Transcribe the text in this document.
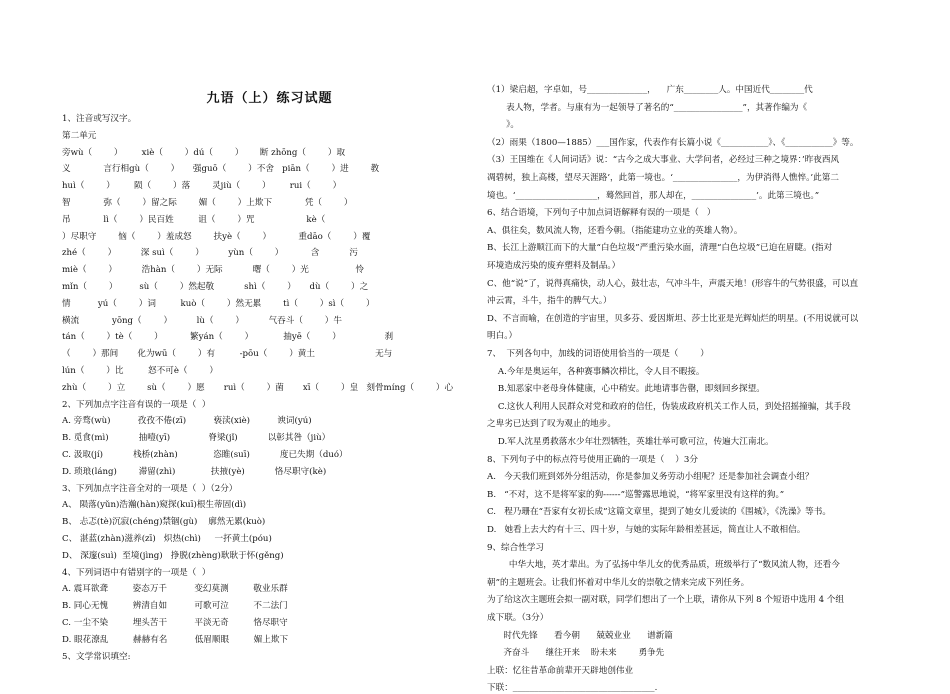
九语（上）练习试题
1、注音或写汉字。
第二单元
旁wù（        ）       xiè（        ）dú（        ）      断 zhōng（        ）取
义            言行相gù（        ）     强guō（        ）不舍   piān（        ）进        教
huì（        ）       陨（        ）落        灵jiù（        ）       rui（        ）
智            弥（        ）留之际        媚（        ）上欺下            凭（        ）
吊            lì（        ）民百姓         诅（        ）咒                   kè（
）尽职守        恼（        ）羞成怒        扶yè（        ）          重dāo（        ）覆
zhé（        ）         深 suì（        ）         yùn（        ）          含           污
miè（        ）         浩hàn（        ）无际           曙（        ）光                 怜
mǐn（        ）        sù（        ）然起敬           shì（        ）     dù（        ）之
情          yú（        ）词         kuò（        ）然无累        tì（        ）sì（        ）
横流            yōng（        ）         lù（        ）         气吞斗（        ）牛
tán（        ）tè（        ）          繁yán（        ）           抽yē（        ）                刹
（        ）那间       化为wū（        ）有         -pōu（        ）黄土                      无与
lún（        ）比         怒不可è（        ）
zhù（        ）立        sù（        ）愿       ruì（        ）菌       xī（        ）皇   刻骨míng（        ）心
2、下列加点字注音有误的一项是（  ）
A. 旁骛(wù)          孜孜不倦(zī)          亵渎(xiè)          谀词(yú)
B. 觅食(mì)           抽噎(yī)              脊梁(jǐ)           以彰其咎（jiù）
C. 汲取(jí)           栈桥(zhàn)             恣睢(suī)           度已失期（duó）
D. 琐琅(láng)        滞留(zhì)             扶掖(yè)           恪尽职守(kè)
3、下列加点字注音全对的一项是（  ）（2分）
A、 陨落(yǔn)浩瀚(hàn)窥探(kuī)根生蒂固(dì)
B、 忐忑(tè)沉寂(chéng)禁锢(gù)    廓然无累(kuò)
C、 湛蓝(zhàn)滋养(zī)   炽热(chì)     一抔黄土(póu)
D、 深邃(suì)  至境(jìng)   挣脱(zhèng)耿耿于怀(gěng)
4、下列词语中有错别字的一项是（  ）
A. 震耳欲聋         姿态万千          变幻莫测         敬业乐群
B. 同心无愧         辨清自如          可歌可泣         不二法门
C. 一尘不染         埋头苦干          平淡无奇         恪尽职守
D. 眼花潦乱         赫赫有名          低眉顺眼         媚上欺下
5、文学常识填空:
（1）梁启超，字卓如，号______________，    广东________人。中国近代________代
表人物，学者。与康有为一起领导了著名的“________________”，其著作编为《
》。
（2）雨果（1800—1885）___国作家，代表作有长篇小说《___________》、《___________》等。
（3）王国维在《人间词话》说：“古今之成大事业、大学问者，必经过三种之境界：’昨夜西风
凋碧树，独上高楼，望尽天涯路’，此第一境也。‘_______________，为伊消得人憔悴。’此第二
境也。‘___________________，蓦然回首，那人却在，_______________’。此第三境也。”
6、结合语境，下列句子中加点词语解释有误的一项是（   ）
A、俱往矣，数风流人物，还看今朝。（指能建功立业的英雄人物）。
B、长江上游顺江而下的大量“白色垃圾”严重污染水面，清理“白色垃圾”已迫在眉睫。(指对
环境造成污染的废弃塑料及制品。）
C、他“说”了，说得真痛快，动人心，鼓壮志，气冲斗牛，声震天地！(形容牛的气势很盛，可以直
冲云霄，斗牛，指牛的脾气大。）
D、不言而喻，在创造的宇宙里，贝多芬、爱因斯坦、莎士比亚是光辉灿烂的明星。(不用说就可以
明白。）
7、  下列各句中，加线的词语使用恰当的一项是（        ）
A.今年是奥运年，各种赛事鳞次栉比，令人目不暇接。
B.知恶家中老母身体健康，心中稍安。此地请事告罄，即刻回乡探望。
C.这伙人利用人民群众对党和政府的信任，伪装成政府机关工作人员，到处招摇撞骗，其手段
之卑劣已达到了叹为观止的地步。
D.军人沈星勇救落水少年壮烈牺牲，英雄壮举可歌可泣，传遍大江南北。
8、下列句子中的标点符号使用正确的一项是（    ）3分
A.   今天我们班到郊外分组活动，你是参加义务劳动小组呢？还是参加社会调查小组？
B.   “不对，这不是将军家的狗------”巡警露思地说，“将军家里没有这样的狗。”
C.   程乃珊在“吾家有女初长成”这篇文章里，提到了她女儿爱读的《围城》，《洗澡》等书。
D.   她看上去大约有十三、四十岁，与她的实际年龄相差甚远，简直让人不敢相信。
9、综合性学习
中华大地，英才辈出。为了弘扬中华儿女的优秀品质，班级举行了“数风流人物，还看今
朝”的主题班会。让我们怀着对中华儿女的崇敬之情来完成下列任务。
为了给这次主题班会拟一副对联，同学们想出了一个上联，请你从下列 8 个短语中选用 4 个组
成下联。（3分）
时代先锋      看今朝      兢兢业业      谱新篇
齐奋斗      继往开来    盼未来        勇争先
上联：忆往昔革命前辈开天辟地创伟业
下联：_________________________________.
